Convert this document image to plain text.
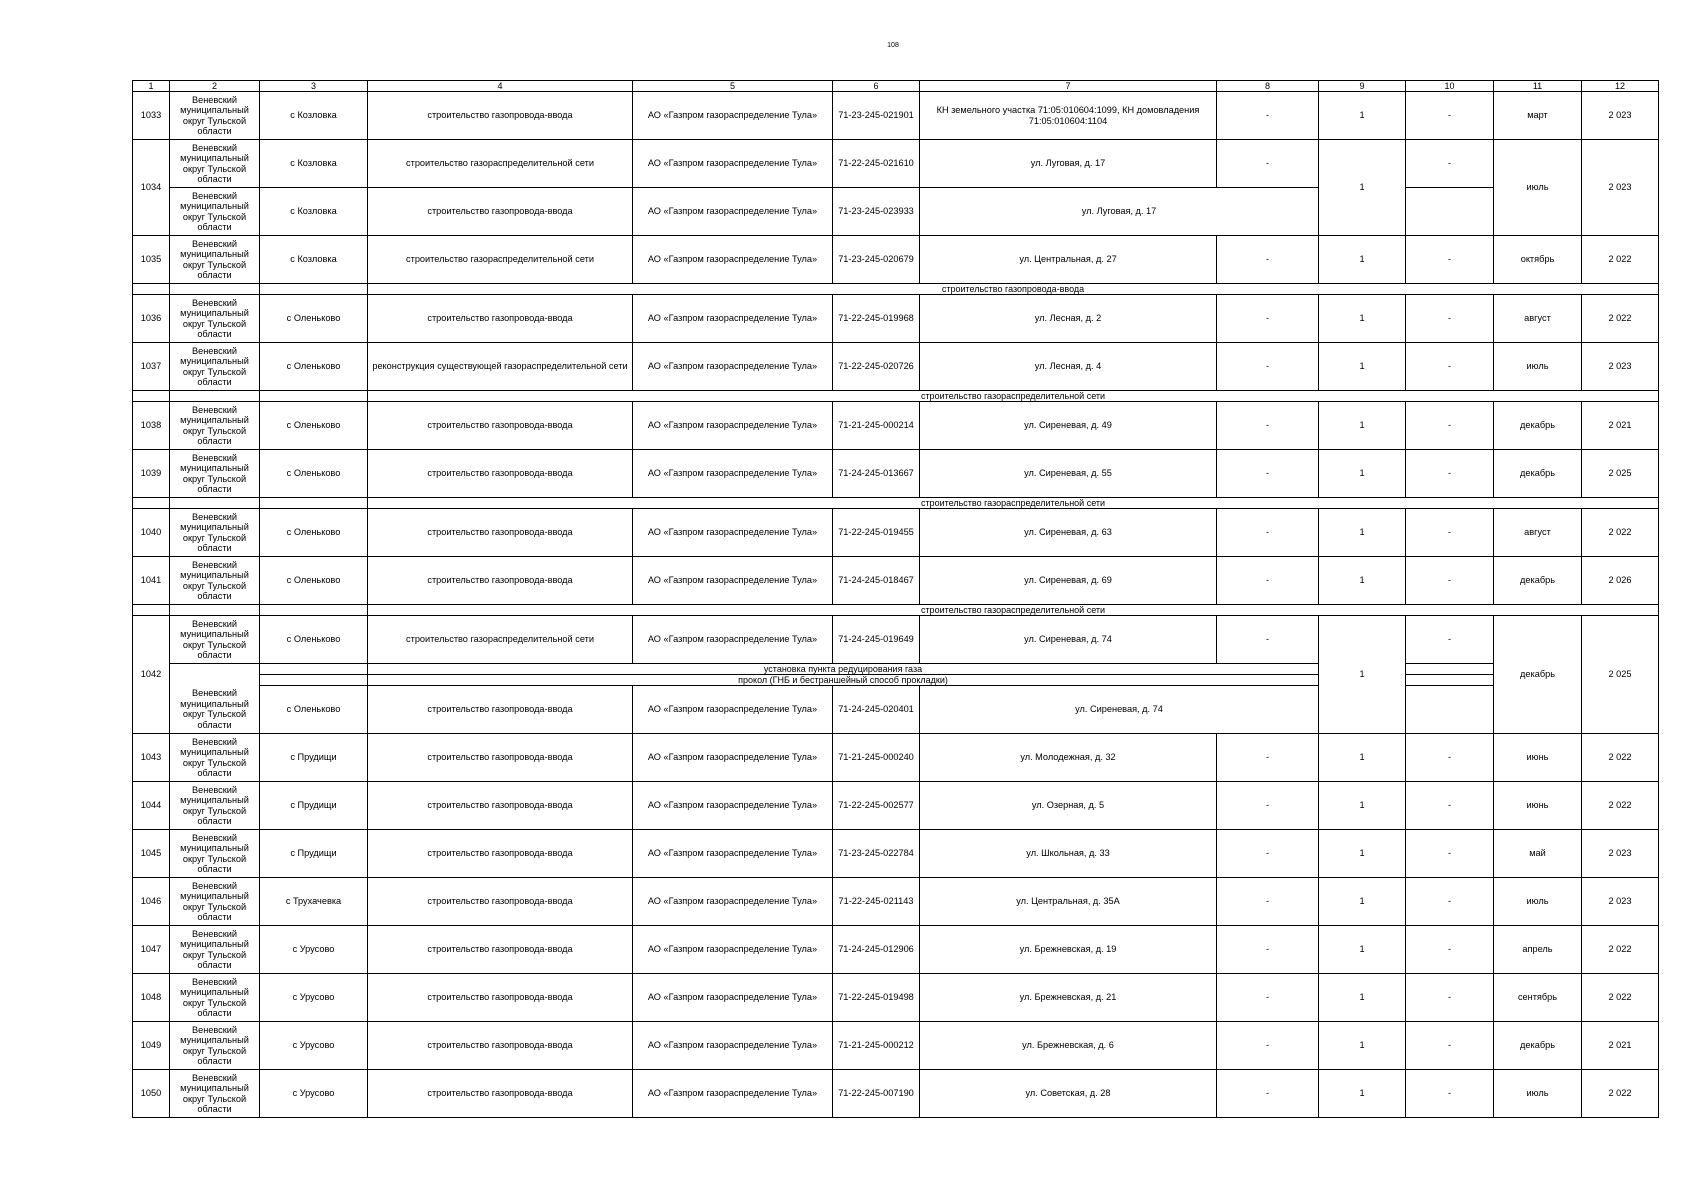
108
1	2	3	4	5	6	7	8	9	10	11	12
1033	Веневский муниципальный округ Тульской области	с Козловка	строительство газопровода-ввода	АО «Газпром газораспределение Тула»	71-23-245-021901	КН земельного участка 71:05:010604:1099, КН домовладения 71:05:010604:1104	-	1	-	март	2 023
1034	Веневский муниципальный округ Тульской области	с Козловка	строительство газораспределительной сети	АО «Газпром газораспределение Тула»	71-22-245-021610	ул. Луговая, д. 17	-	1	-	июль	2 023
	Веневский муниципальный округ Тульской области	с Козловка	строительство газопровода-ввода	АО «Газпром газораспределение Тула»	71-23-245-023933	ул. Луговая, д. 17					
1035	Веневский муниципальный округ Тульской области	с Козловка	строительство газораспределительной сети	АО «Газпром газораспределение Тула»	71-23-245-020679	ул. Центральная, д. 27	-	1	-	октябрь	2 022
			строительство газопровода-ввода								
1036	Веневский муниципальный округ Тульской области	с Оленьково	строительство газопровода-ввода	АО «Газпром газораспределение Тула»	71-22-245-019968	ул. Лесная, д. 2	-	1	-	август	2 022
1037	Веневский муниципальный округ Тульской области	с Оленьково	реконструкция существующей газораспределительной сети	АО «Газпром газораспределение Тула»	71-22-245-020726	ул. Лесная, д. 4	-	1	-	июль	2 023
			строительство газораспределительной сети								
1038	Веневский муниципальный округ Тульской области	с Оленьково	строительство газопровода-ввода	АО «Газпром газораспределение Тула»	71-21-245-000214	ул. Сиреневая, д. 49	-	1	-	декабрь	2 021
1039	Веневский муниципальный округ Тульской области	с Оленьково	строительство газопровода-ввода	АО «Газпром газораспределение Тула»	71-24-245-013667	ул. Сиреневая, д. 55	-	1	-	декабрь	2 025
			строительство газораспределительной сети								
1040	Веневский муниципальный округ Тульской области	с Оленьково	строительство газопровода-ввода	АО «Газпром газораспределение Тула»	71-22-245-019455	ул. Сиреневая, д. 63	-	1	-	август	2 022
1041	Веневский муниципальный округ Тульской области	с Оленьково	строительство газопровода-ввода	АО «Газпром газораспределение Тула»	71-24-245-018467	ул. Сиреневая, д. 69	-	1	-	декабрь	2 026
			строительство газораспределительной сети								
1042	Веневский муниципальный округ Тульской области	с Оленьково	строительство газораспределительной сети	АО «Газпром газораспределение Тула»	71-24-245-019649	ул. Сиреневая, д. 74	-	1	-	декабрь	2 025
			установка пункта редуцирования газа								
			прокол (ГНБ и бестраншейный способ прокладки)								
	Веневский муниципальный округ Тульской области	с Оленьково	строительство газопровода-ввода	АО «Газпром газораспределение Тула»	71-24-245-020401	ул. Сиреневая, д. 74					
1043	Веневский муниципальный округ Тульской области	с Прудищи	строительство газопровода-ввода	АО «Газпром газораспределение Тула»	71-21-245-000240	ул. Молодежная, д. 32	-	1	-	июнь	2 022
1044	Веневский муниципальный округ Тульской области	с Прудищи	строительство газопровода-ввода	АО «Газпром газораспределение Тула»	71-22-245-002577	ул. Озерная, д. 5	-	1	-	июнь	2 022
1045	Веневский муниципальный округ Тульской области	с Прудищи	строительство газопровода-ввода	АО «Газпром газораспределение Тула»	71-23-245-022784	ул. Школьная, д. 33	-	1	-	май	2 023
1046	Веневский муниципальный округ Тульской области	с Трухачевка	строительство газопровода-ввода	АО «Газпром газораспределение Тула»	71-22-245-021143	ул. Центральная, д. 35А	-	1	-	июль	2 023
1047	Веневский муниципальный округ Тульской области	с Урусово	строительство газопровода-ввода	АО «Газпром газораспределение Тула»	71-24-245-012906	ул. Брежневская, д. 19	-	1	-	апрель	2 022
1048	Веневский муниципальный округ Тульской области	с Урусово	строительство газопровода-ввода	АО «Газпром газораспределение Тула»	71-22-245-019498	ул. Брежневская, д. 21	-	1	-	сентябрь	2 022
1049	Веневский муниципальный округ Тульской области	с Урусово	строительство газопровода-ввода	АО «Газпром газораспределение Тула»	71-21-245-000212	ул. Брежневская, д. 6	-	1	-	декабрь	2 021
1050	Веневский муниципальный округ Тульской области	с Урусово	строительство газопровода-ввода	АО «Газпром газораспределение Тула»	71-22-245-007190	ул. Советская, д. 28	-	1	-	июль	2 022
